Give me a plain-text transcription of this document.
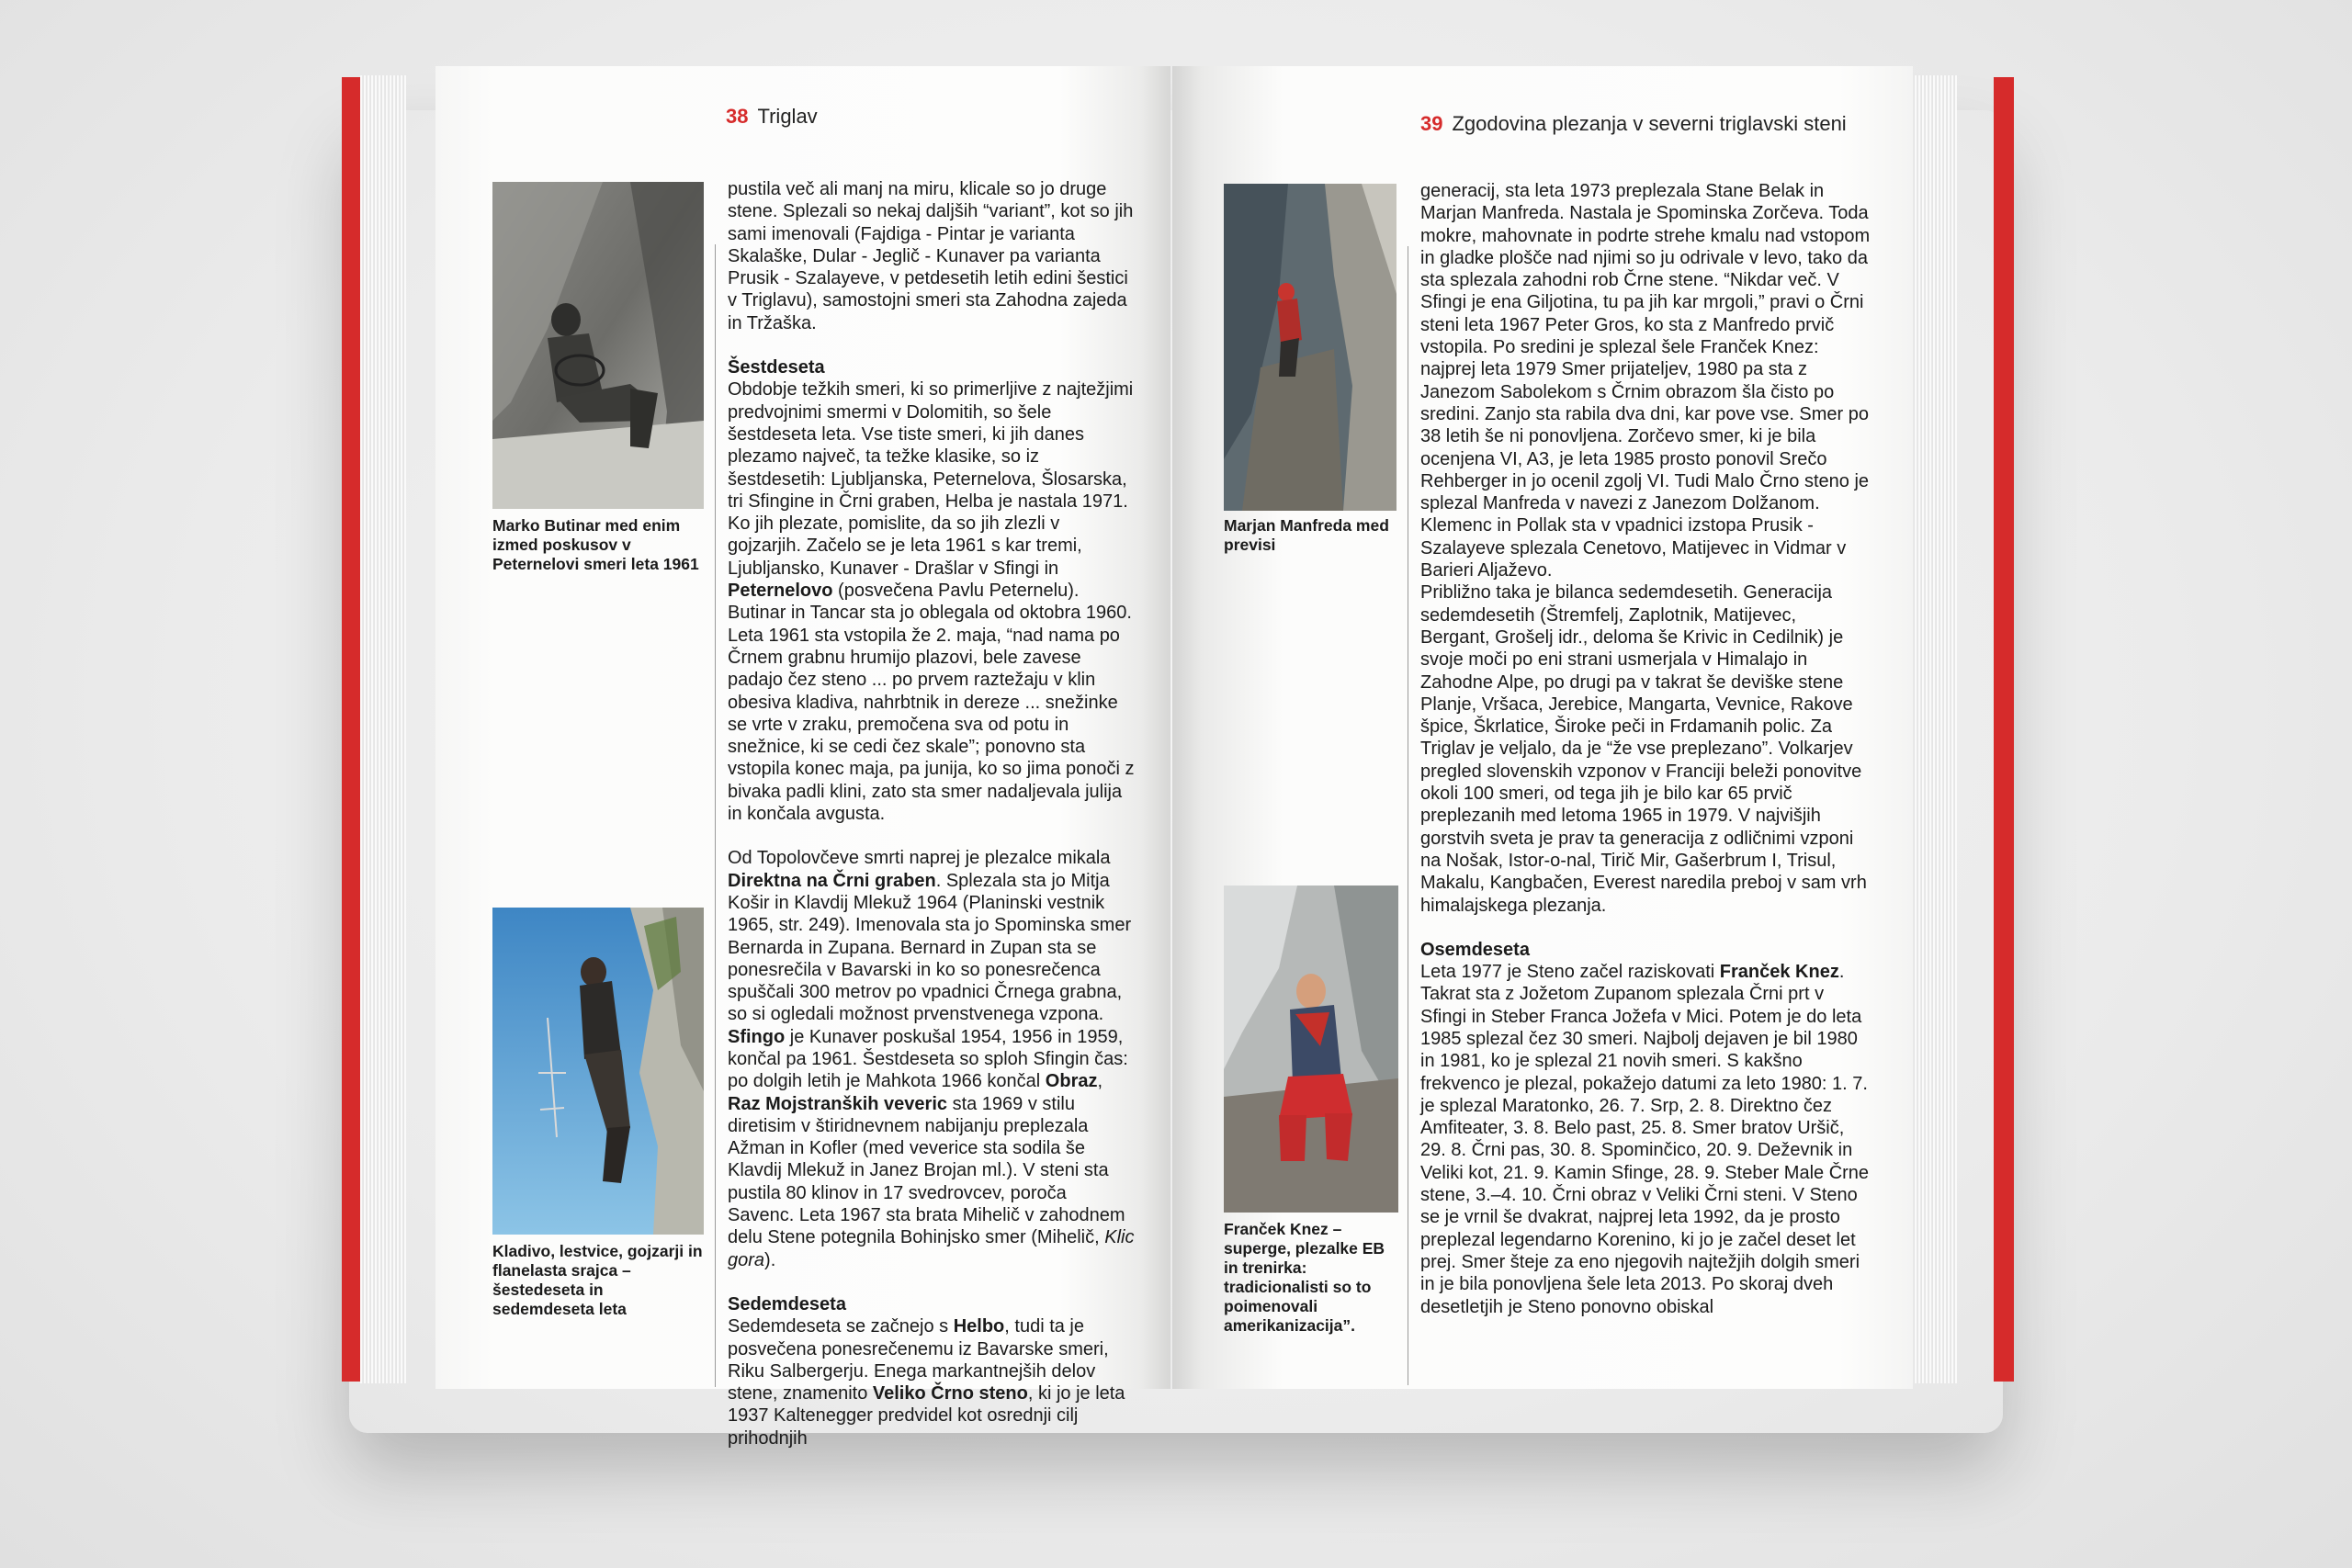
38 Triglav
Marko Butinar med enim izmed poskusov v Peternelovi smeri leta 1961
Kladivo, lestvice, gojzarji in flanelasta srajca – šestedeseta in sedemdeseta leta

pustila več ali manj na miru, klicale so jo druge stene. Splezali so nekaj daljših “variant”, kot so jih sami imenovali (Fajdiga - Pintar je varianta Skalaške, Dular - Jeglič - Kunaver pa varianta Prusik - Szalayeve, v petdesetih letih edini šestici v Triglavu), samostojni smeri sta Zahodna zajeda in Tržaška.

Šestdeseta

Obdobje težkih smeri, ki so primerljive z najtežjimi predvojnimi smermi v Dolomitih, so šele šestdeseta leta. Vse tiste smeri, ki jih danes plezamo največ, ta težke klasike, so iz šestdesetih: Ljubljanska, Peternelova, Šlosarska, tri Sfingine in Črni graben, Helba je nastala 1971. Ko jih plezate, pomislite, da so jih zlezli v gojzarjih. Začelo se je leta 1961 s kar tremi, Ljubljansko, Kunaver - Drašlar v Sfingi in Peternelovo (posvečena Pavlu Peternelu). Butinar in Tancar sta jo oblegala od oktobra 1960. Leta 1961 sta vstopila že 2. maja, “nad nama po Črnem grabnu hrumijo plazovi, bele zavese padajo čez steno ... po prvem raztežaju v klin obesiva kladiva, nahrbtnik in dereze ... snežinke se vrte v zraku, premočena sva od potu in snežnice, ki se cedi čez skale”; ponovno sta vstopila konec maja, pa junija, ko so jima ponoči z bivaka padli klini, zato sta smer nadaljevala julija in končala avgusta.

Od Topolovčeve smrti naprej je plezalce mikala Direktna na Črni graben. Splezala sta jo Mitja Košir in Klavdij Mlekuž 1964 (Planinski vestnik 1965, str. 249). Imenovala sta jo Spominska smer Bernarda in Zupana. Bernard in Zupan sta se ponesrečila v Bavarski in ko so ponesrečenca spuščali 300 metrov po vpadnici Črnega grabna, so si ogledali možnost prvenstvenega vzpona. Sfingo je Kunaver poskušal 1954, 1956 in 1959, končal pa 1961. Šestdeseta so sploh Sfingin čas: po dolgih letih je Mahkota 1966 končal Obraz, Raz Mojstranških veveric sta 1969 v stilu diretisim v štiridnevnem nabijanju preplezala Ažman in Kofler (med veverice sta sodila še Klavdij Mlekuž in Janez Brojan ml.). V steni sta pustila 80 klinov in 17 svedrovcev, poroča Savenc. Leta 1967 sta brata Mihelič v zahodnem delu Stene potegnila Bohinjsko smer (Mihelič, Klic gora).

Sedemdeseta

Sedemdeseta se začnejo s Helbo, tudi ta je posvečena ponesrečenemu iz Bavarske smeri, Riku Salbergerju. Enega markantnejših delov stene, znamenito Veliko Črno steno, ki jo je leta 1937 Kaltenegger predvidel kot osrednji cilj prihodnjih

39 Zgodovina plezanja v severni triglavski steni
Marjan Manfreda med previsi
Franček Knez – superge, plezalke EB in trenirka: tradicionalisti so to poimenovali amerikanizacija”.

generacij, sta leta 1973 preplezala Stane Belak in Marjan Manfreda. Nastala je Spominska Zorčeva. Toda mokre, mahovnate in podrte strehe kmalu nad vstopom in gladke plošče nad njimi so ju odrivale v levo, tako da sta splezala zahodni rob Črne stene. “Nikdar več. V Sfingi je ena Giljotina, tu pa jih kar mrgoli,” pravi o Črni steni leta 1967 Peter Gros, ko sta z Manfredo prvič vstopila. Po sredini je splezal šele Franček Knez: najprej leta 1979 Smer prijateljev, 1980 pa sta z Janezom Sabolekom s Črnim obrazom šla čisto po sredini. Zanjo sta rabila dva dni, kar pove vse. Smer po 38 letih še ni ponovljena. Zorčevo smer, ki je bila ocenjena VI, A3, je leta 1985 prosto ponovil Srečo Rehberger in jo ocenil zgolj VI. Tudi Malo Črno steno je splezal Manfreda v navezi z Janezom Dolžanom. Klemenc in Pollak sta v vpadnici izstopa Prusik - Szalayeve splezala Cenetovo, Matijevec in Vidmar v Barieri Aljaževo.

Približno taka je bilanca sedemdesetih. Generacija sedemdesetih (Štremfelj, Zaplotnik, Matijevec, Bergant, Grošelj idr., deloma še Krivic in Cedilnik) je svoje moči po eni strani usmerjala v Himalajo in Zahodne Alpe, po drugi pa v takrat še deviške stene Planje, Vršaca, Jerebice, Mangarta, Vevnice, Rakove špice, Škrlatice, Široke peči in Frdamanih polic. Za Triglav je veljalo, da je “že vse preplezano”. Volkarjev pregled slovenskih vzponov v Franciji beleži ponovitve okoli 100 smeri, od tega jih je bilo kar 65 prvič preplezanih med letoma 1965 in 1979. V najvišjih gorstvih sveta je prav ta generacija z odličnimi vzponi na Nošak, Istor-o-nal, Tirič Mir, Gašerbrum I, Trisul, Makalu, Kangbačen, Everest naredila preboj v sam vrh himalajskega plezanja.

Osemdeseta

Leta 1977 je Steno začel raziskovati Franček Knez. Takrat sta z Jožetom Zupanom splezala Črni prt v Sfingi in Steber Franca Jožefa v Mici. Potem je do leta 1985 splezal čez 30 smeri. Najbolj dejaven je bil 1980 in 1981, ko je splezal 21 novih smeri. S kakšno frekvenco je plezal, pokažejo datumi za leto 1980: 1. 7. je splezal Maratonko, 26. 7. Srp, 2. 8. Direktno čez Amfiteater, 3. 8. Belo past, 25. 8. Smer bratov Uršič, 29. 8. Črni pas, 30. 8. Spominčico, 20. 9. Deževnik in Veliki kot, 21. 9. Kamin Sfinge, 28. 9. Steber Male Črne stene, 3.–4. 10. Črni obraz v Veliki Črni steni. V Steno se je vrnil še dvakrat, najprej leta 1992, da je prosto preplezal legendarno Korenino, ki jo je začel deset let prej. Smer šteje za eno njegovih najtežjih dolgih smeri in je bila ponovljena šele leta 2013. Po skoraj dveh desetletjih je Steno ponovno obiskal
